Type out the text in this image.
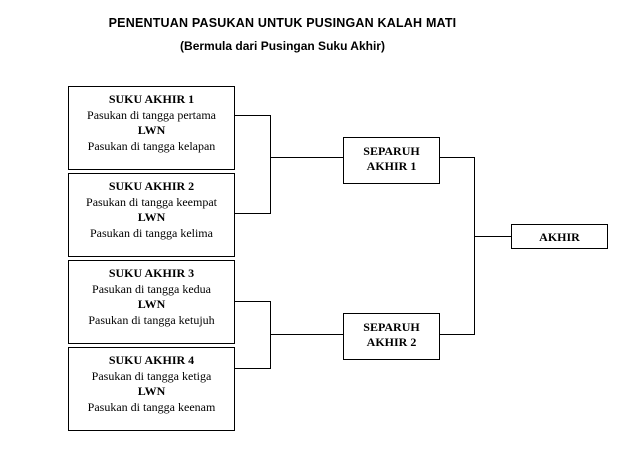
PENENTUAN PASUKAN UNTUK PUSINGAN KALAH MATI
(Bermula dari Pusingan Suku Akhir)
SUKU AKHIR 1
Pasukan di tangga pertama
LWN
Pasukan di tangga kelapan
SUKU AKHIR 2
Pasukan di tangga keempat
LWN
Pasukan di tangga kelima
SUKU AKHIR 3
Pasukan di tangga kedua
LWN
Pasukan di tangga ketujuh
SUKU AKHIR 4
Pasukan di tangga ketiga
LWN
Pasukan di tangga keenam
SEPARUH
AKHIR 1
SEPARUH
AKHIR 2
AKHIR
